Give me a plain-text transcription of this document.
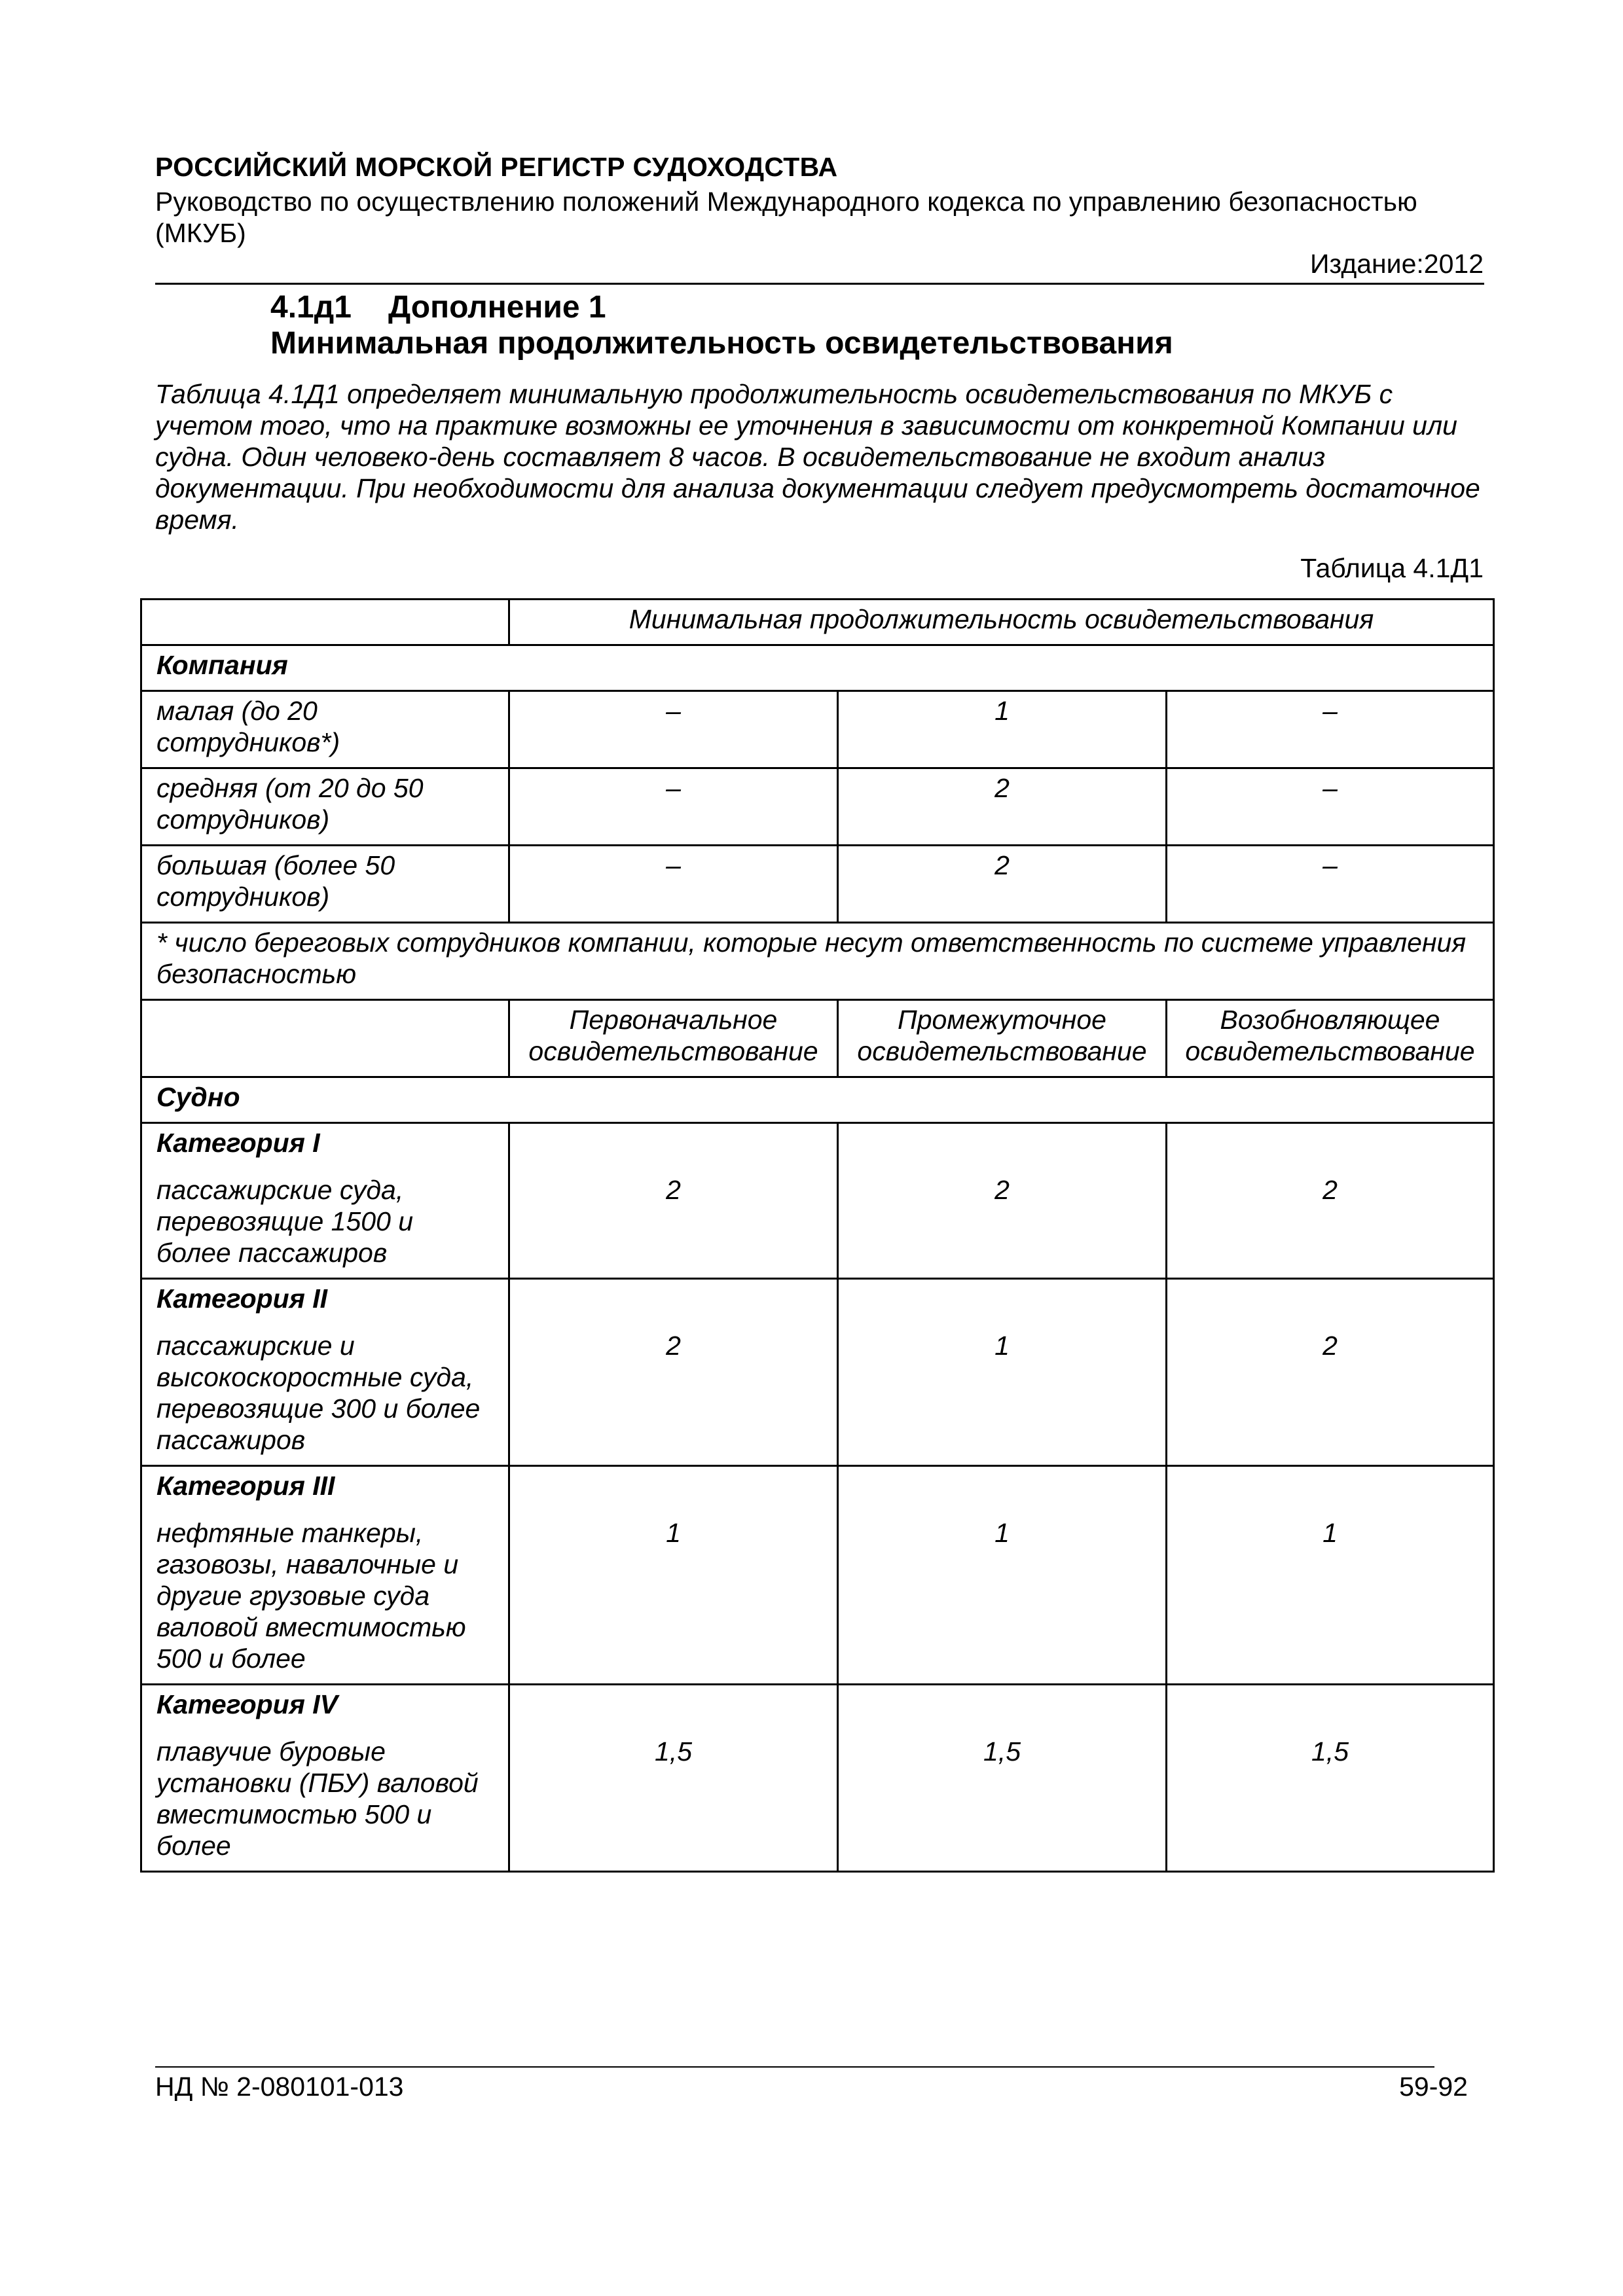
РОССИЙСКИЙ МОРСКОЙ РЕГИСТР СУДОХОДСТВА
Руководство по осуществлению положений Международного кодекса по управлению безопасностью (МКУБ)
Издание:2012
4.1д1 Дополнение 1
Минимальная продолжительность освидетельствования
Таблица 4.1Д1 определяет минимальную продолжительность освидетельствования по МКУБ с учетом того, что на практике возможны ее уточнения в зависимости от конкретной Компании или судна. Один человеко-день составляет 8 часов. В освидетельствование не входит анализ документации. При необходимости для анализа документации следует предусмотреть достаточное время.
Таблица 4.1Д1
	Минимальная продолжительность освидетельствования		
Компания			
малая (до 20 сотрудников*)	–	1	–
средняя (от 20 до 50 сотрудников)	–	2	–
большая (более 50 сотрудников)	–	2	–
* число береговых сотрудников компании, которые несут ответственность по системе управления безопасностью			
	Первоначальное освидетельствование	Промежуточное освидетельствование	Возобновляющее освидетельствование
Судно			

Категория I
пассажирские суда, перевозящие 1500 и более пассажиров	2	2	2

Категория II
пассажирские и высокоскоростные суда, перевозящие 300 и более пассажиров	2	1	2

Категория III
нефтяные танкеры, газовозы, навалочные и другие грузовые суда валовой вместимостью 500 и более	1	1	1

Категория IV
плавучие буровые установки (ПБУ) валовой вместимостью 500 и более	1,5	1,5	1,5
НД № 2-080101-013	59-92
